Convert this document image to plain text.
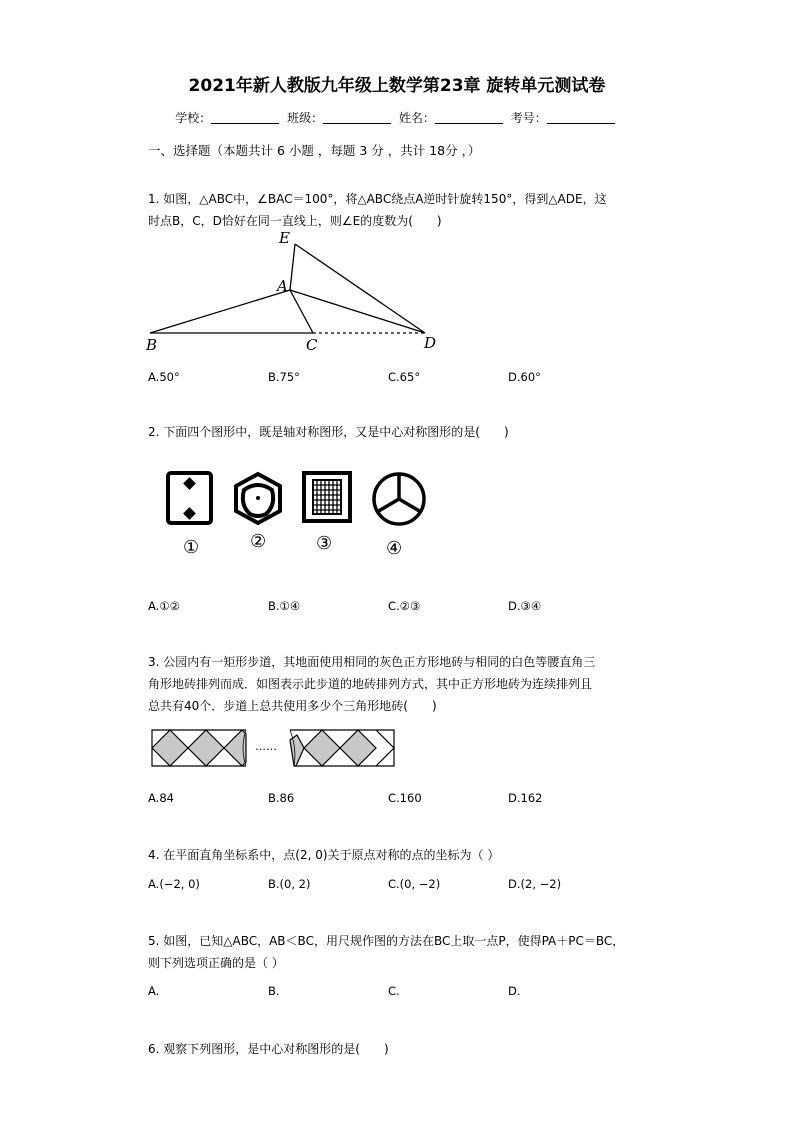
2021年新人教版九年级上数学第23章 旋转单元测试卷
学校：	班级：	姓名：	考号：
一、选择题（本题共计 6 小题 ，每题 3 分 ，共计 18分 ，）
1. 如图，△ABC中，∠BAC＝100°，将△ABC绕点A逆时针旋转150°，得到△ADE，这
时点B，C，D恰好在同一直线上，则∠E的度数为(　　)
E
A
B	C	D
A.50°	B.75°	C.65°	D.60°
2. 下面四个图形中，既是轴对称图形，又是中心对称图形的是(　　)
①	②	③	④
A.①②	B.①④	C.②③	D.③④
3. 公园内有一矩形步道，其地面使用相同的灰色正方形地砖与相同的白色等腰直角三
角形地砖排列而成．如图表示此步道的地砖排列方式，其中正方形地砖为连续排列且
总共有40个．步道上总共使用多少个三角形地砖(　　)
……
A.84	B.86	C.160	D.162
4. 在平面直角坐标系中，点(2, 0)关于原点对称的点的坐标为（ ）
A.(−2, 0)	B.(0, 2)	C.(0, −2)	D.(2, −2)
5. 如图，已知△ABC，AB＜BC，用尺规作图的方法在BC上取一点P，使得PA＋PC＝BC，
则下列选项正确的是（ ）
A.	B.	C.	D.
6. 观察下列图形，是中心对称图形的是(　　)
